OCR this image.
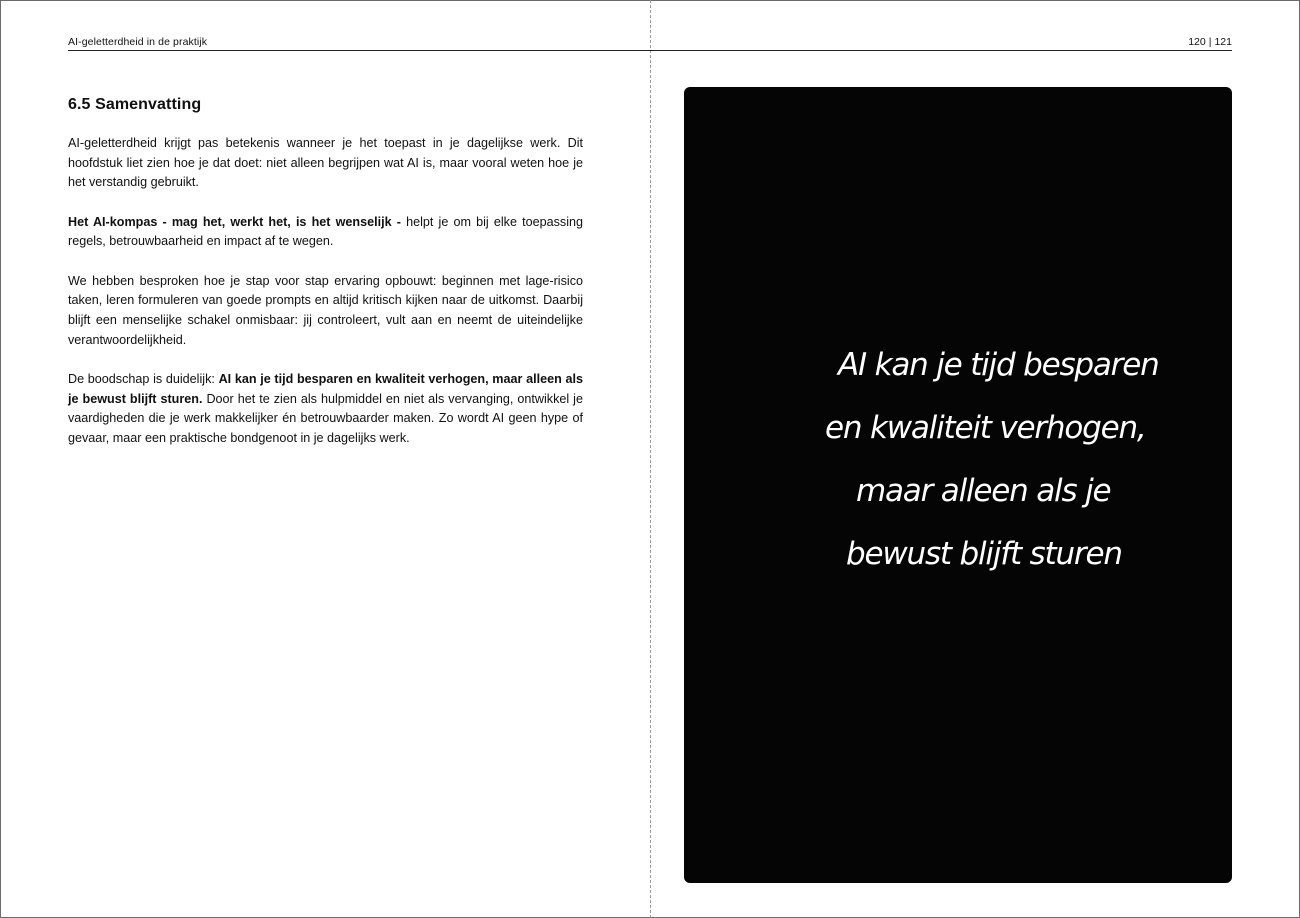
AI-geletterdheid in de praktijk	120 | 121
6.5 Samenvatting

AI-geletterdheid krijgt pas betekenis wanneer je het toepast in je dagelijkse werk. Dit hoofdstuk liet zien hoe je dat doet: niet alleen begrijpen wat AI is, maar vooral weten hoe je het verstandig gebruikt.

Het AI-kompas - mag het, werkt het, is het wenselijk - helpt je om bij elke toepassing regels, betrouwbaarheid en impact af te wegen.

We hebben besproken hoe je stap voor stap ervaring opbouwt: beginnen met lage-risico taken, leren formuleren van goede prompts en altijd kritisch kijken naar de uitkomst. Daarbij blijft een menselijke schakel onmisbaar: jij controleert, vult aan en neemt de uiteindelijke verantwoordelijkheid.

De boodschap is duidelijk: AI kan je tijd besparen en kwaliteit verhogen, maar alleen als je bewust blijft sturen. Door het te zien als hulpmiddel en niet als vervanging, ontwikkel je vaardigheden die je werk makkelijker én betrouwbaarder maken. Zo wordt AI geen hype of gevaar, maar een praktische bondgenoot in je dagelijks werk.

AI kan je tijd besparen
en kwaliteit verhogen,
maar alleen als je
bewust blijft sturen
